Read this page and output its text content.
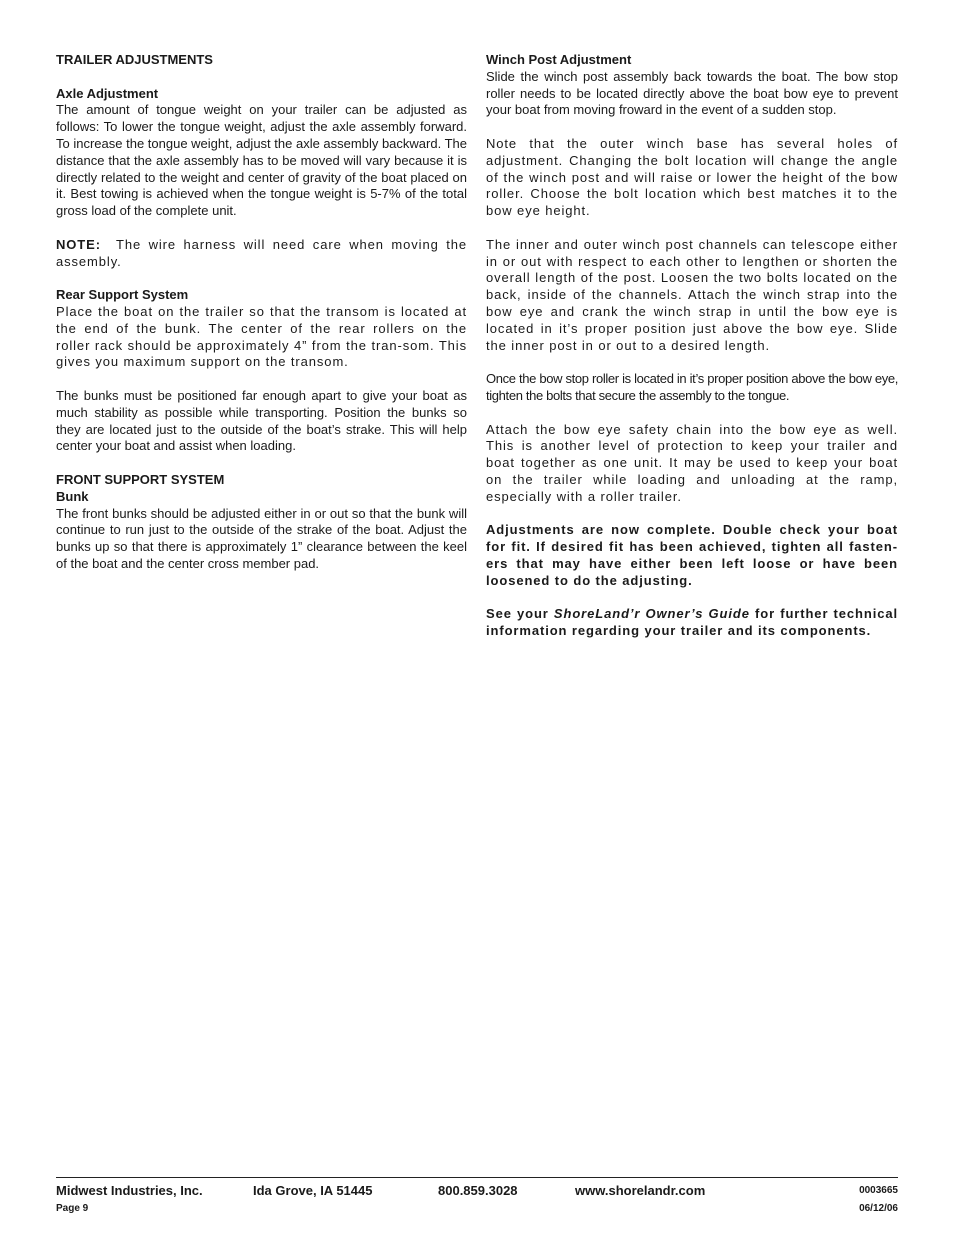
TRAILER ADJUSTMENTS
Axle Adjustment

The amount of tongue weight on your trailer can be adjusted as follows: To lower the tongue weight, adjust the axle assembly forward. To increase the tongue weight, adjust the axle assembly backward. The distance that the axle assembly has to be moved will vary because it is directly related to the weight and center of gravity of the boat placed on it. Best towing is achieved when the tongue weight is 5-7% of the total gross load of the complete unit.

NOTE: The wire harness will need care when moving the assembly.

Rear Support System

Place the boat on the trailer so that the transom is located at the end of the bunk. The center of the rear rollers on the roller rack should be approximately 4” from the tran-som. This gives you maximum support on the transom.

The bunks must be positioned far enough apart to give your boat as much stability as possible while transporting. Position the bunks so they are located just to the outside of the boat’s strake. This will help center your boat and assist when loading.

FRONT SUPPORT SYSTEM
Bunk

The front bunks should be adjusted either in or out so that the bunk will continue to run just to the outside of the strake of the boat. Adjust the bunks up so that there is approximately 1” clearance between the keel of the boat and the center cross member pad.

Winch Post Adjustment

Slide the winch post assembly back towards the boat. The bow stop roller needs to be located directly above the boat bow eye to prevent your boat from moving froward in the event of a sudden stop.

Note that the outer winch base has several holes of adjustment. Changing the bolt location will change the angle of the winch post and will raise or lower the height of the bow roller. Choose the bolt location which best matches it to the bow eye height.

The inner and outer winch post channels can telescope either in or out with respect to each other to lengthen or shorten the overall length of the post. Loosen the two bolts located on the back, inside of the channels. Attach the winch strap into the bow eye and crank the winch strap in until the bow eye is located in it’s proper position just above the bow eye. Slide the inner post in or out to a desired length.

Once the bow stop roller is located in it’s proper position above the bow eye, tighten the bolts that secure the assembly to the tongue.

Attach the bow eye safety chain into the bow eye as well. This is another level of protection to keep your trailer and boat together as one unit. It may be used to keep your boat on the trailer while loading and unloading at the ramp, especially with a roller trailer.

Adjustments are now complete. Double check your boat for fit. If desired fit has been achieved, tighten all fasten-ers that may have either been left loose or have been loosened to do the adjusting.

See your ShoreLand’r Owner’s Guide for further technical information regarding your trailer and its components.

Midwest Industries, Inc.	Ida Grove, IA 51445	800.859.3028	www.shorelandr.com	0003665
Page 9	06/12/06
